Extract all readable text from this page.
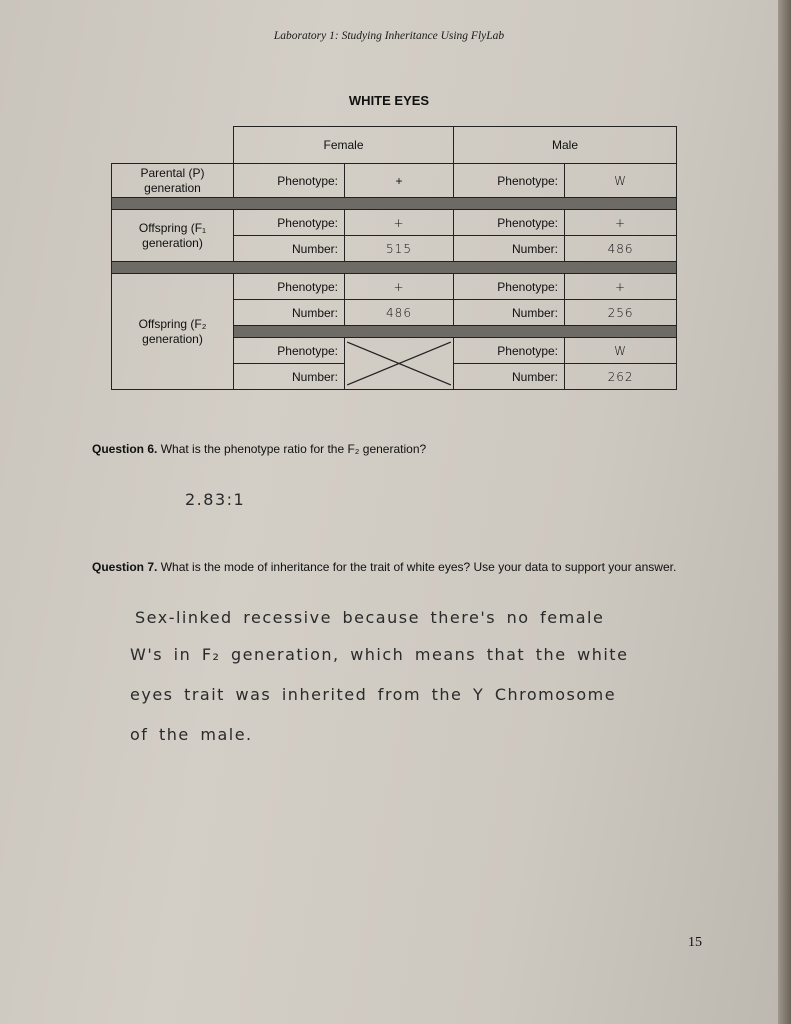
Laboratory 1: Studying Inheritance Using FlyLab
WHITE EYES
	Female		Male	
Parental (P) generation	Phenotype:	+	Phenotype:	W

Offspring (F₁ generation)	Phenotype:	+	Phenotype:	+
	Number:	515	Number:	486

Offspring (F₂ generation)	Phenotype:	+	Phenotype:	+
	Number:	486	Number:	256

	Phenotype:		Phenotype:	W
	Number:		Number:	262
Question 6. What is the phenotype ratio for the F₂ generation?
2.83:1
Question 7. What is the mode of inheritance for the trait of white eyes? Use your data to support your answer.
Sex-linked recessive because there's no female
W's in F₂ generation, which means that the white
eyes trait was inherited from the Y Chromosome
of the male.
15
